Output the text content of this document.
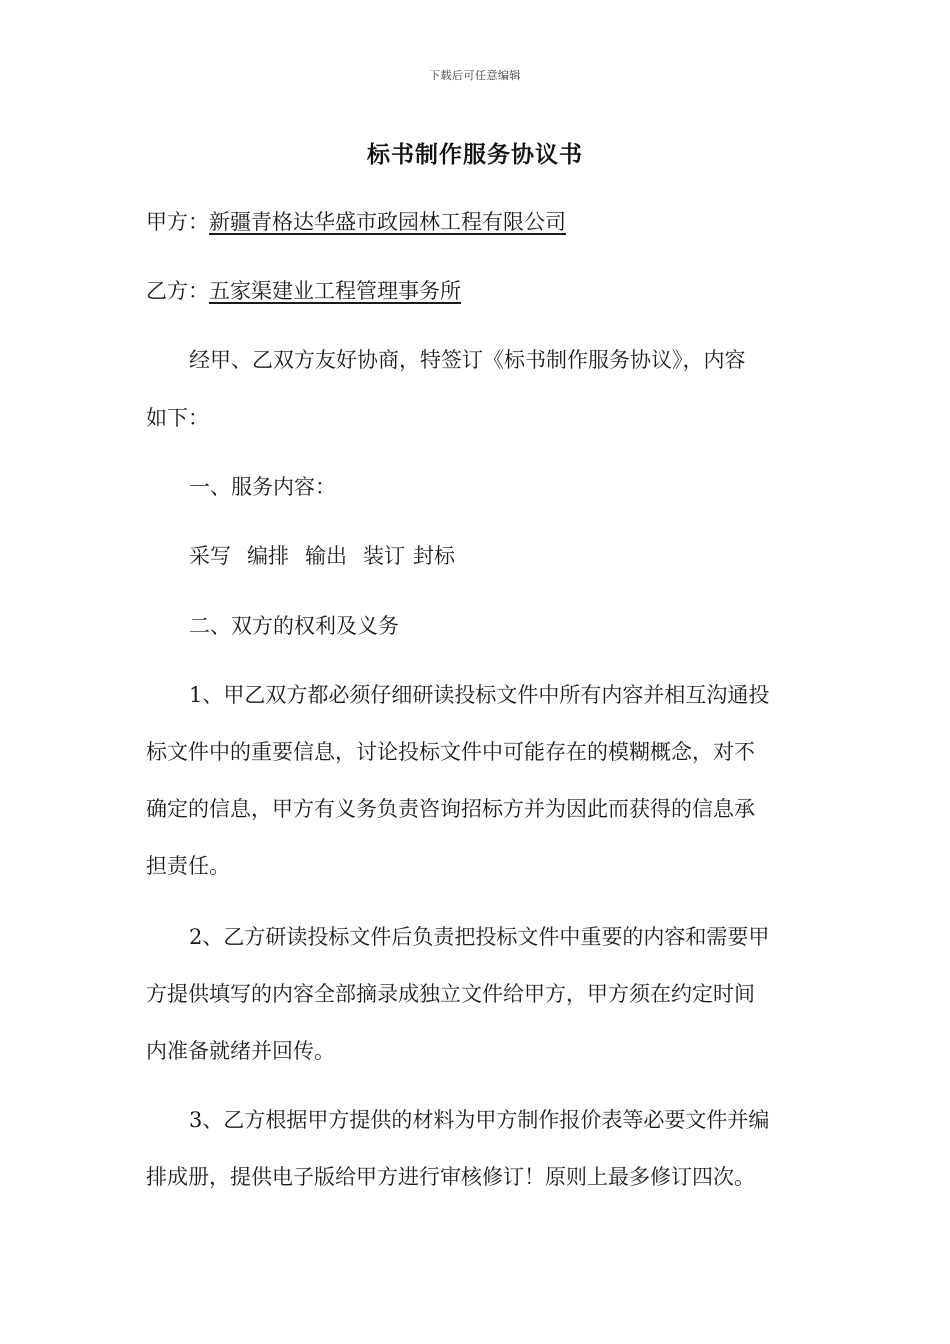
下载后可任意编辑
标书制作服务协议书
甲方：新疆青格达华盛市政园林工程有限公司
乙方：五家渠建业工程管理事务所
经甲、乙双方友好协商，特签订《标书制作服务协议》，内容
如下：
一、服务内容：
采写 编排 输出 装订 封标
二、双方的权利及义务
1、甲乙双方都必须仔细研读投标文件中所有内容并相互沟通投
标文件中的重要信息，讨论投标文件中可能存在的模糊概念，对不
确定的信息，甲方有义务负责咨询招标方并为因此而获得的信息承
担责任。
2、乙方研读投标文件后负责把投标文件中重要的内容和需要甲
方提供填写的内容全部摘录成独立文件给甲方，甲方须在约定时间
内准备就绪并回传。
3、乙方根据甲方提供的材料为甲方制作报价表等必要文件并编
排成册，提供电子版给甲方进行审核修订！原则上最多修订四次。
